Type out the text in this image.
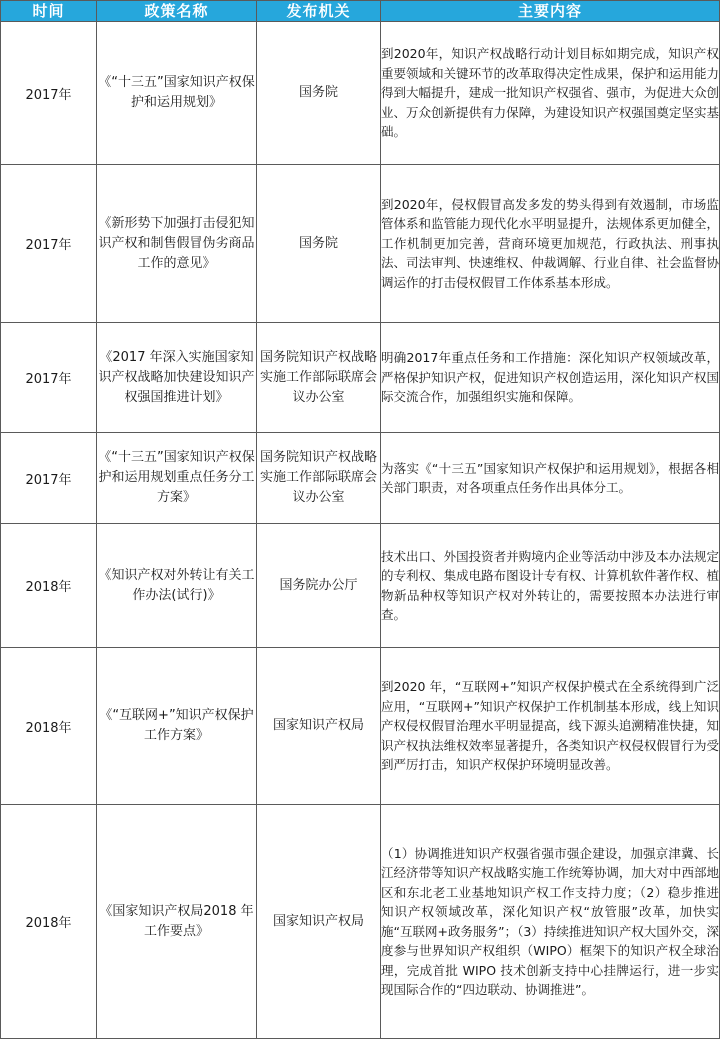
时间	政策名称	发布机关	主要内容
2017年	《“十三五”国家知识产权保护和运用规划》	国务院	到2020年，知识产权战略行动计划目标如期完成，知识产权重要领域和关键环节的改革取得决定性成果，保护和运用能力得到大幅提升，建成一批知识产权强省、强市，为促进大众创业、万众创新提供有力保障，为建设知识产权强国奠定坚实基础。

2017年	《新形势下加强打击侵犯知识产权和制售假冒伪劣商品工作的意见》	国务院	到2020年，侵权假冒高发多发的势头得到有效遏制，市场监管体系和监管能力现代化水平明显提升，法规体系更加健全，工作机制更加完善，营商环境更加规范，行政执法、刑事执法、司法审判、快速维权、仲裁调解、行业自律、社会监督协调运作的打击侵权假冒工作体系基本形成。

2017年	《2017 年深入实施国家知识产权战略加快建设知识产权强国推进计划》	国务院知识产权战略实施工作部际联席会议办公室	明确2017年重点任务和工作措施：深化知识产权领域改革，严格保护知识产权，促进知识产权创造运用，深化知识产权国际交流合作，加强组织实施和保障。

2017年	《“十三五”国家知识产权保护和运用规划重点任务分工方案》	国务院知识产权战略实施工作部际联席会议办公室	为落实《“十三五”国家知识产权保护和运用规划》，根据各相关部门职责，对各项重点任务作出具体分工。

2018年	《知识产权对外转让有关工作办法(试行)》	国务院办公厅	技术出口、外国投资者并购境内企业等活动中涉及本办法规定的专利权、集成电路布图设计专有权、计算机软件著作权、植物新品种权等知识产权对外转让的，需要按照本办法进行审查。

2018年	《“互联网+”知识产权保护工作方案》	国家知识产权局	到2020 年，“互联网+”知识产权保护模式在全系统得到广泛应用，“互联网+”知识产权保护工作机制基本形成，线上知识产权侵权假冒治理水平明显提高，线下源头追溯精准快捷，知识产权执法维权效率显著提升，各类知识产权侵权假冒行为受到严厉打击，知识产权保护环境明显改善。

2018年	《国家知识产权局2018 年工作要点》	国家知识产权局	（1）协调推进知识产权强省强市强企建设，加强京津冀、长江经济带等知识产权战略实施工作统筹协调，加大对中西部地区和东北老工业基地知识产权工作支持力度；（2）稳步推进知识产权领域改革，深化知识产权“放管服”改革，加快实施“互联网+政务服务”；（3）持续推进知识产权大国外交，深度参与世界知识产权组织（WIPO）框架下的知识产权全球治理，完成首批 WIPO 技术创新支持中心挂牌运行，进一步实现国际合作的“四边联动、协调推进”。
